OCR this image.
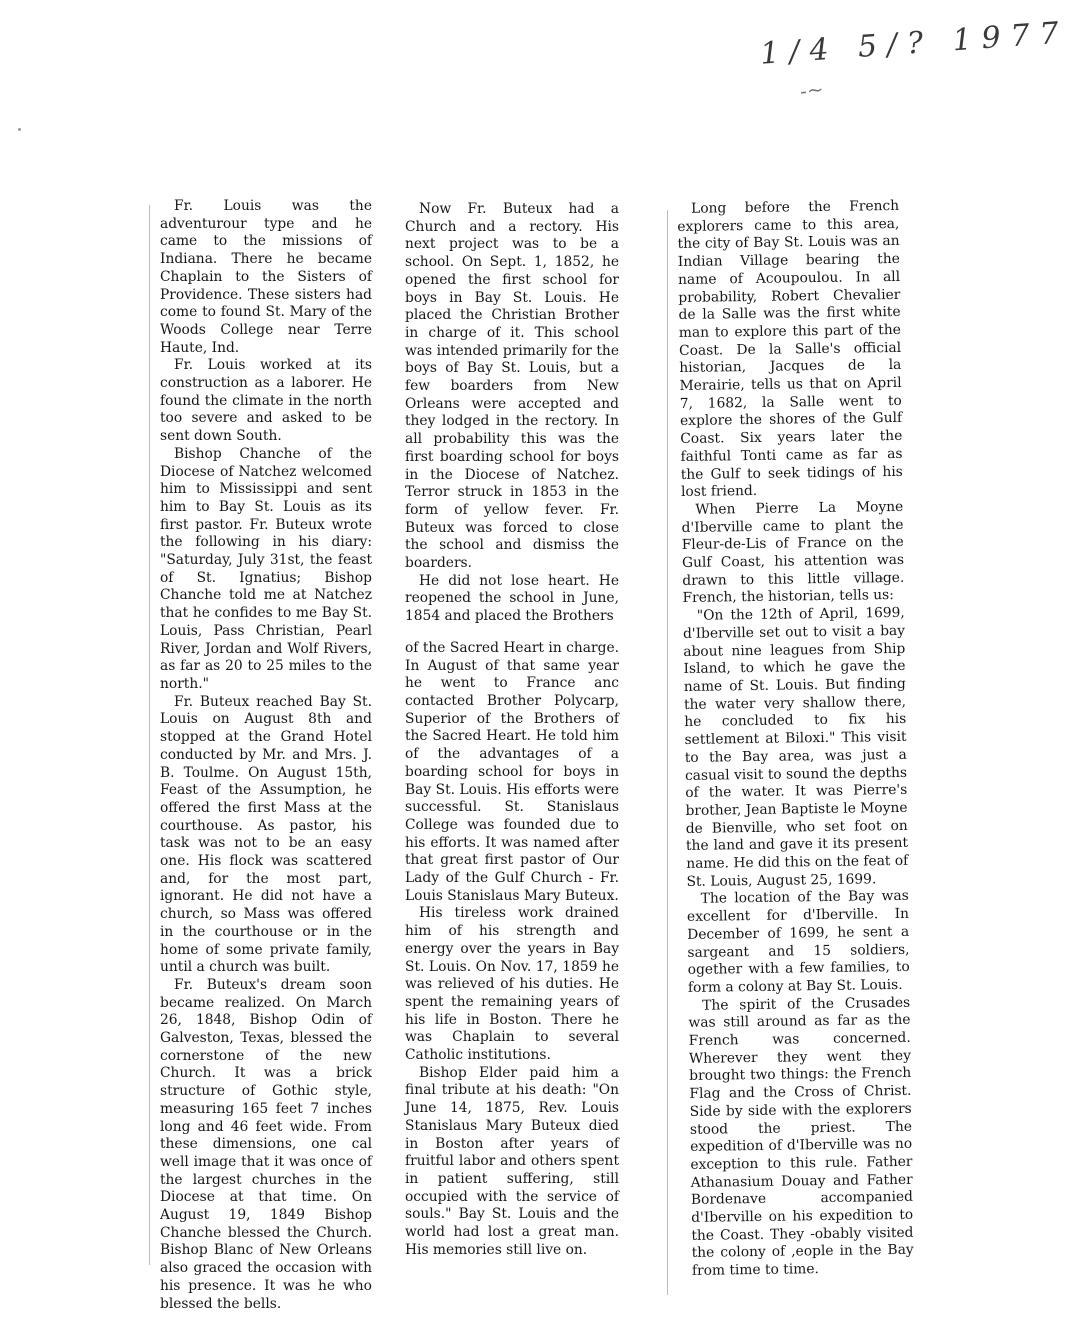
1/4 5/? 1977
-~

Fr. Louis was the adventurour type and he came to the missions of Indiana. There he became Chaplain to the Sisters of Providence. These sisters had come to found St. Mary of the Woods College near Terre Haute, Ind.

Fr. Louis worked at its construction as a laborer. He found the climate in the north too severe and asked to be sent down South.

Bishop Chanche of the Diocese of Natchez welcomed him to Mississippi and sent him to Bay St. Louis as its first pastor. Fr. Buteux wrote the following in his diary: "Saturday, July 31st, the feast of St. Ignatius; Bishop Chanche told me at Natchez that he confides to me Bay St. Louis, Pass Christian, Pearl River, Jordan and Wolf Rivers, as far as 20 to 25 miles to the north."

Fr. Buteux reached Bay St. Louis on August 8th and stopped at the Grand Hotel conducted by Mr. and Mrs. J. B. Toulme. On August 15th, Feast of the Assumption, he offered the first Mass at the courthouse. As pastor, his task was not to be an easy one. His flock was scattered and, for the most part, ignorant. He did not have a church, so Mass was offered in the courthouse or in the home of some private family, until a church was built.

Fr. Buteux's dream soon became realized. On March 26, 1848, Bishop Odin of Galveston, Texas, blessed the cornerstone of the new Church. It was a brick structure of Gothic style, measuring 165 feet 7 inches long and 46 feet wide. From these dimensions, one cal well image that it was once of the largest churches in the Diocese at that time. On August 19, 1849 Bishop Chanche blessed the Church. Bishop Blanc of New Orleans also graced the occasion with his presence. It was he who blessed the bells.

Now Fr. Buteux had a Church and a rectory. His next project was to be a school. On Sept. 1, 1852, he opened the first school for boys in Bay St. Louis. He placed the Christian Brother in charge of it. This school was intended primarily for the boys of Bay St. Louis, but a few boarders from New Orleans were accepted and they lodged in the rectory. In all probability this was the first boarding school for boys in the Diocese of Natchez. Terror struck in 1853 in the form of yellow fever. Fr. Buteux was forced to close the school and dismiss the boarders.

He did not lose heart. He reopened the school in June, 1854 and placed the Brothers

of the Sacred Heart in charge. In August of that same year he went to France anc contacted Brother Polycarp, Superior of the Brothers of the Sacred Heart. He told him of the advantages of a boarding school for boys in Bay St. Louis. His efforts were successful. St. Stanislaus College was founded due to his efforts. It was named after that great first pastor of Our Lady of the Gulf Church - Fr. Louis Stanislaus Mary Buteux.

His tireless work drained him of his strength and energy over the years in Bay St. Louis. On Nov. 17, 1859 he was relieved of his duties. He spent the remaining years of his life in Boston. There he was Chaplain to several Catholic institutions.

Bishop Elder paid him a final tribute at his death: "On June 14, 1875, Rev. Louis Stanislaus Mary Buteux died in Boston after years of fruitful labor and others spent in patient suffering, still occupied with the service of souls." Bay St. Louis and the world had lost a great man. His memories still live on.

Long before the French explorers came to this area, the city of Bay St. Louis was an Indian Village bearing the name of Acoupoulou. In all probability, Robert Chevalier de la Salle was the first white man to explore this part of the Coast. De la Salle's official historian, Jacques de la Merairie, tells us that on April 7, 1682, la Salle went to explore the shores of the Gulf Coast. Six years later the faithful Tonti came as far as the Gulf to seek tidings of his lost friend.

When Pierre La Moyne d'Iberville came to plant the Fleur-de-Lis of France on the Gulf Coast, his attention was drawn to this little village. French, the historian, tells us:

"On the 12th of April, 1699, d'Iberville set out to visit a bay about nine leagues from Ship Island, to which he gave the name of St. Louis. But finding the water very shallow there, he concluded to fix his settlement at Biloxi." This visit to the Bay area, was just a casual visit to sound the depths of the water. It was Pierre's brother, Jean Baptiste le Moyne de Bienville, who set foot on the land and gave it its present name. He did this on the feat of St. Louis, August 25, 1699.

The location of the Bay was excellent for d'Iberville. In December of 1699, he sent a sargeant and 15 soldiers, ogether with a few families, to form a colony at Bay St. Louis.

The spirit of the Crusades was still around as far as the French was concerned. Wherever they went they brought two things: the French Flag and the Cross of Christ. Side by side with the explorers stood the priest. The expedition of d'Iberville was no exception to this rule. Father Athanasium Douay and Father Bordenave accompanied d'Iberville on his expedition to the Coast. They -obably visited the colony of ,eople in the Bay from time to time.
